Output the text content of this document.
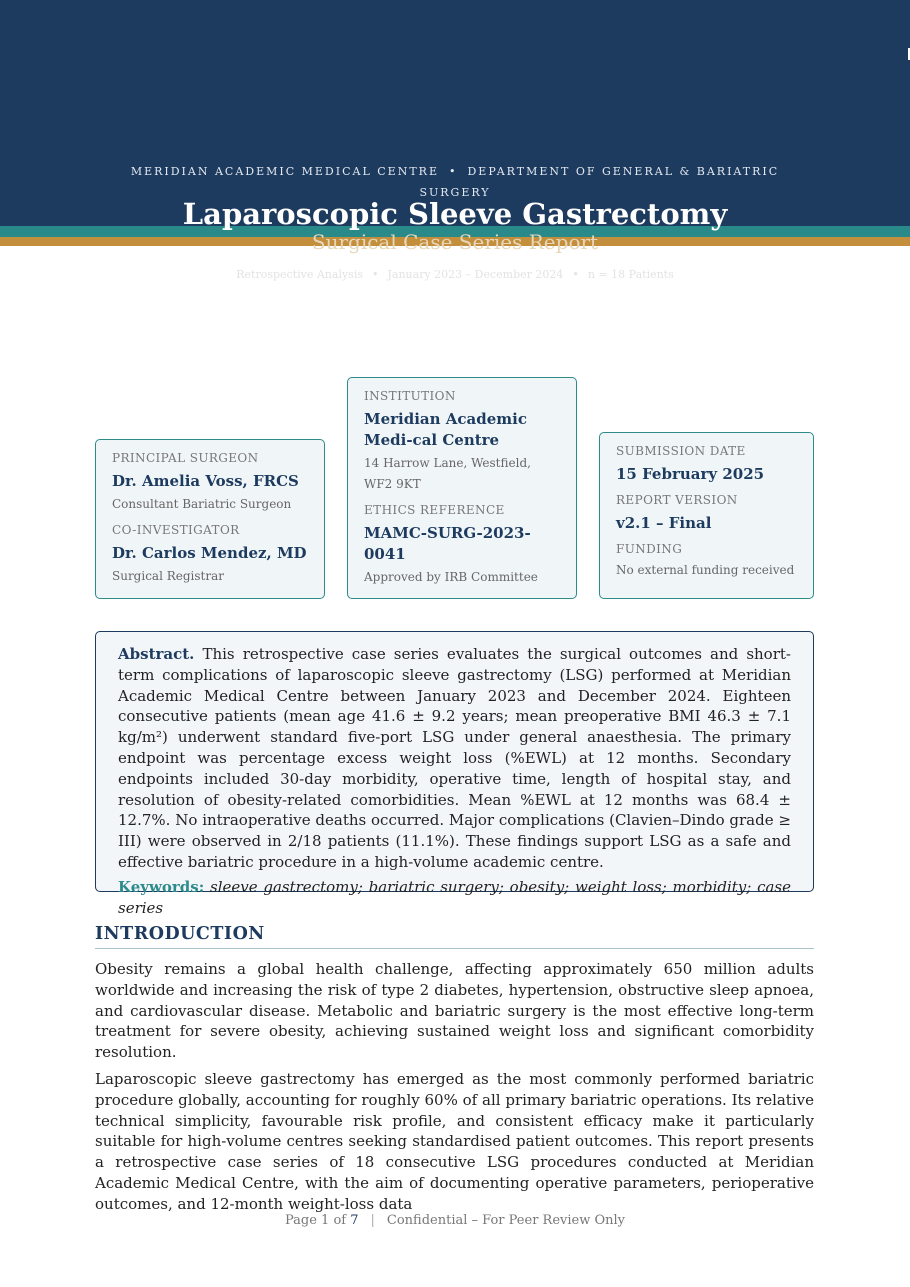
MERIDIAN ACADEMIC MEDICAL CENTRE • DEPARTMENT OF GENERAL & BARIATRIC SURGERY
Laparoscopic Sleeve Gastrectomy
Surgical Case Series Report
Retrospective Analysis • January 2023 – December 2024 • n = 18 Patients
PRINCIPAL SURGEON
Dr. Amelia Voss, FRCS
Consultant Bariatric Surgeon
CO-INVESTIGATOR
Dr. Carlos Mendez, MD
Surgical Registrar
INSTITUTION
Meridian Academic Medi-cal Centre
14 Harrow Lane, Westfield, WF2 9KT
ETHICS REFERENCE
MAMC-SURG-2023-0041
Approved by IRB Committee
SUBMISSION DATE
15 February 2025
REPORT VERSION
v2.1 – Final
FUNDING
No external funding received

Abstract. This retrospective case series evaluates the surgical outcomes and short-term complications of laparoscopic sleeve gastrectomy (LSG) performed at Meridian Academic Medical Centre between January 2023 and December 2024. Eighteen consecutive patients (mean age 41.6 ± 9.2 years; mean preoperative BMI 46.3 ± 7.1 kg/m²) underwent standard five-port LSG under general anaesthesia. The primary endpoint was percentage excess weight loss (%EWL) at 12 months. Secondary endpoints included 30-day morbidity, operative time, length of hospital stay, and resolution of obesity-related comorbidities. Mean %EWL at 12 months was 68.4 ± 12.7%. No intraoperative deaths occurred. Major complications (Clavien–Dindo grade ≥ III) were observed in 2/18 patients (11.1%). These findings support LSG as a safe and effective bariatric procedure in a high-volume academic centre.

Keywords: sleeve gastrectomy; bariatric surgery; obesity; weight loss; morbidity; case series

INTRODUCTION

Obesity remains a global health challenge, affecting approximately 650 million adults worldwide and increasing the risk of type 2 diabetes, hypertension, obstructive sleep apnoea, and cardiovascular disease. Metabolic and bariatric surgery is the most effective long-term treatment for severe obesity, achieving sustained weight loss and significant comorbidity resolution.

Laparoscopic sleeve gastrectomy has emerged as the most commonly performed bariatric procedure globally, accounting for roughly 60% of all primary bariatric operations. Its relative technical simplicity, favourable risk profile, and consistent efficacy make it particularly suitable for high-volume centres seeking standardised patient outcomes. This report presents a retrospective case series of 18 consecutive LSG procedures conducted at Meridian Academic Medical Centre, with the aim of documenting operative parameters, perioperative outcomes, and 12-month weight-loss data

Page 1 of 7 | Confidential – For Peer Review Only
